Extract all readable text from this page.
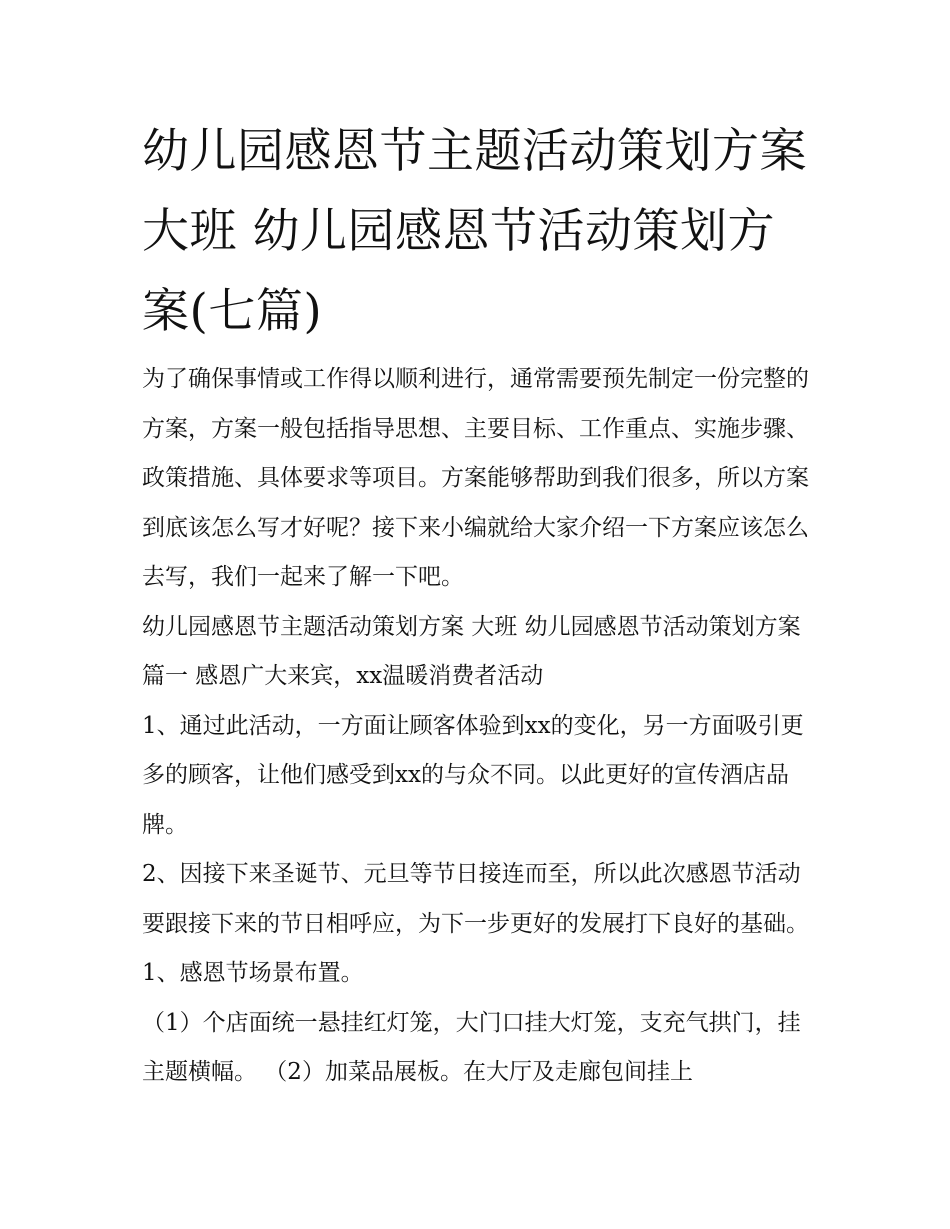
幼儿园感恩节主题活动策划方案 大班 幼儿园感恩节活动策划方案(七篇)

为了确保事情或工作得以顺利进行，通常需要预先制定一份完整的方案，方案一般包括指导思想、主要目标、工作重点、实施步骤、政策措施、具体要求等项目。方案能够帮助到我们很多，所以方案到底该怎么写才好呢？接下来小编就给大家介绍一下方案应该怎么去写，我们一起来了解一下吧。

幼儿园感恩节主题活动策划方案 大班 幼儿园感恩节活动策划方案篇一 感恩广大来宾，xx温暖消费者活动

1、通过此活动，一方面让顾客体验到xx的变化，另一方面吸引更多的顾客，让他们感受到xx的与众不同。以此更好的宣传酒店品牌。

2、因接下来圣诞节、元旦等节日接连而至，所以此次感恩节活动要跟接下来的节日相呼应，为下一步更好的发展打下良好的基础。 1、感恩节场景布置。

（1）个店面统一悬挂红灯笼，大门口挂大灯笼，支充气拱门，挂主题横幅。 （2）加菜品展板。在大厅及走廊包间挂上
